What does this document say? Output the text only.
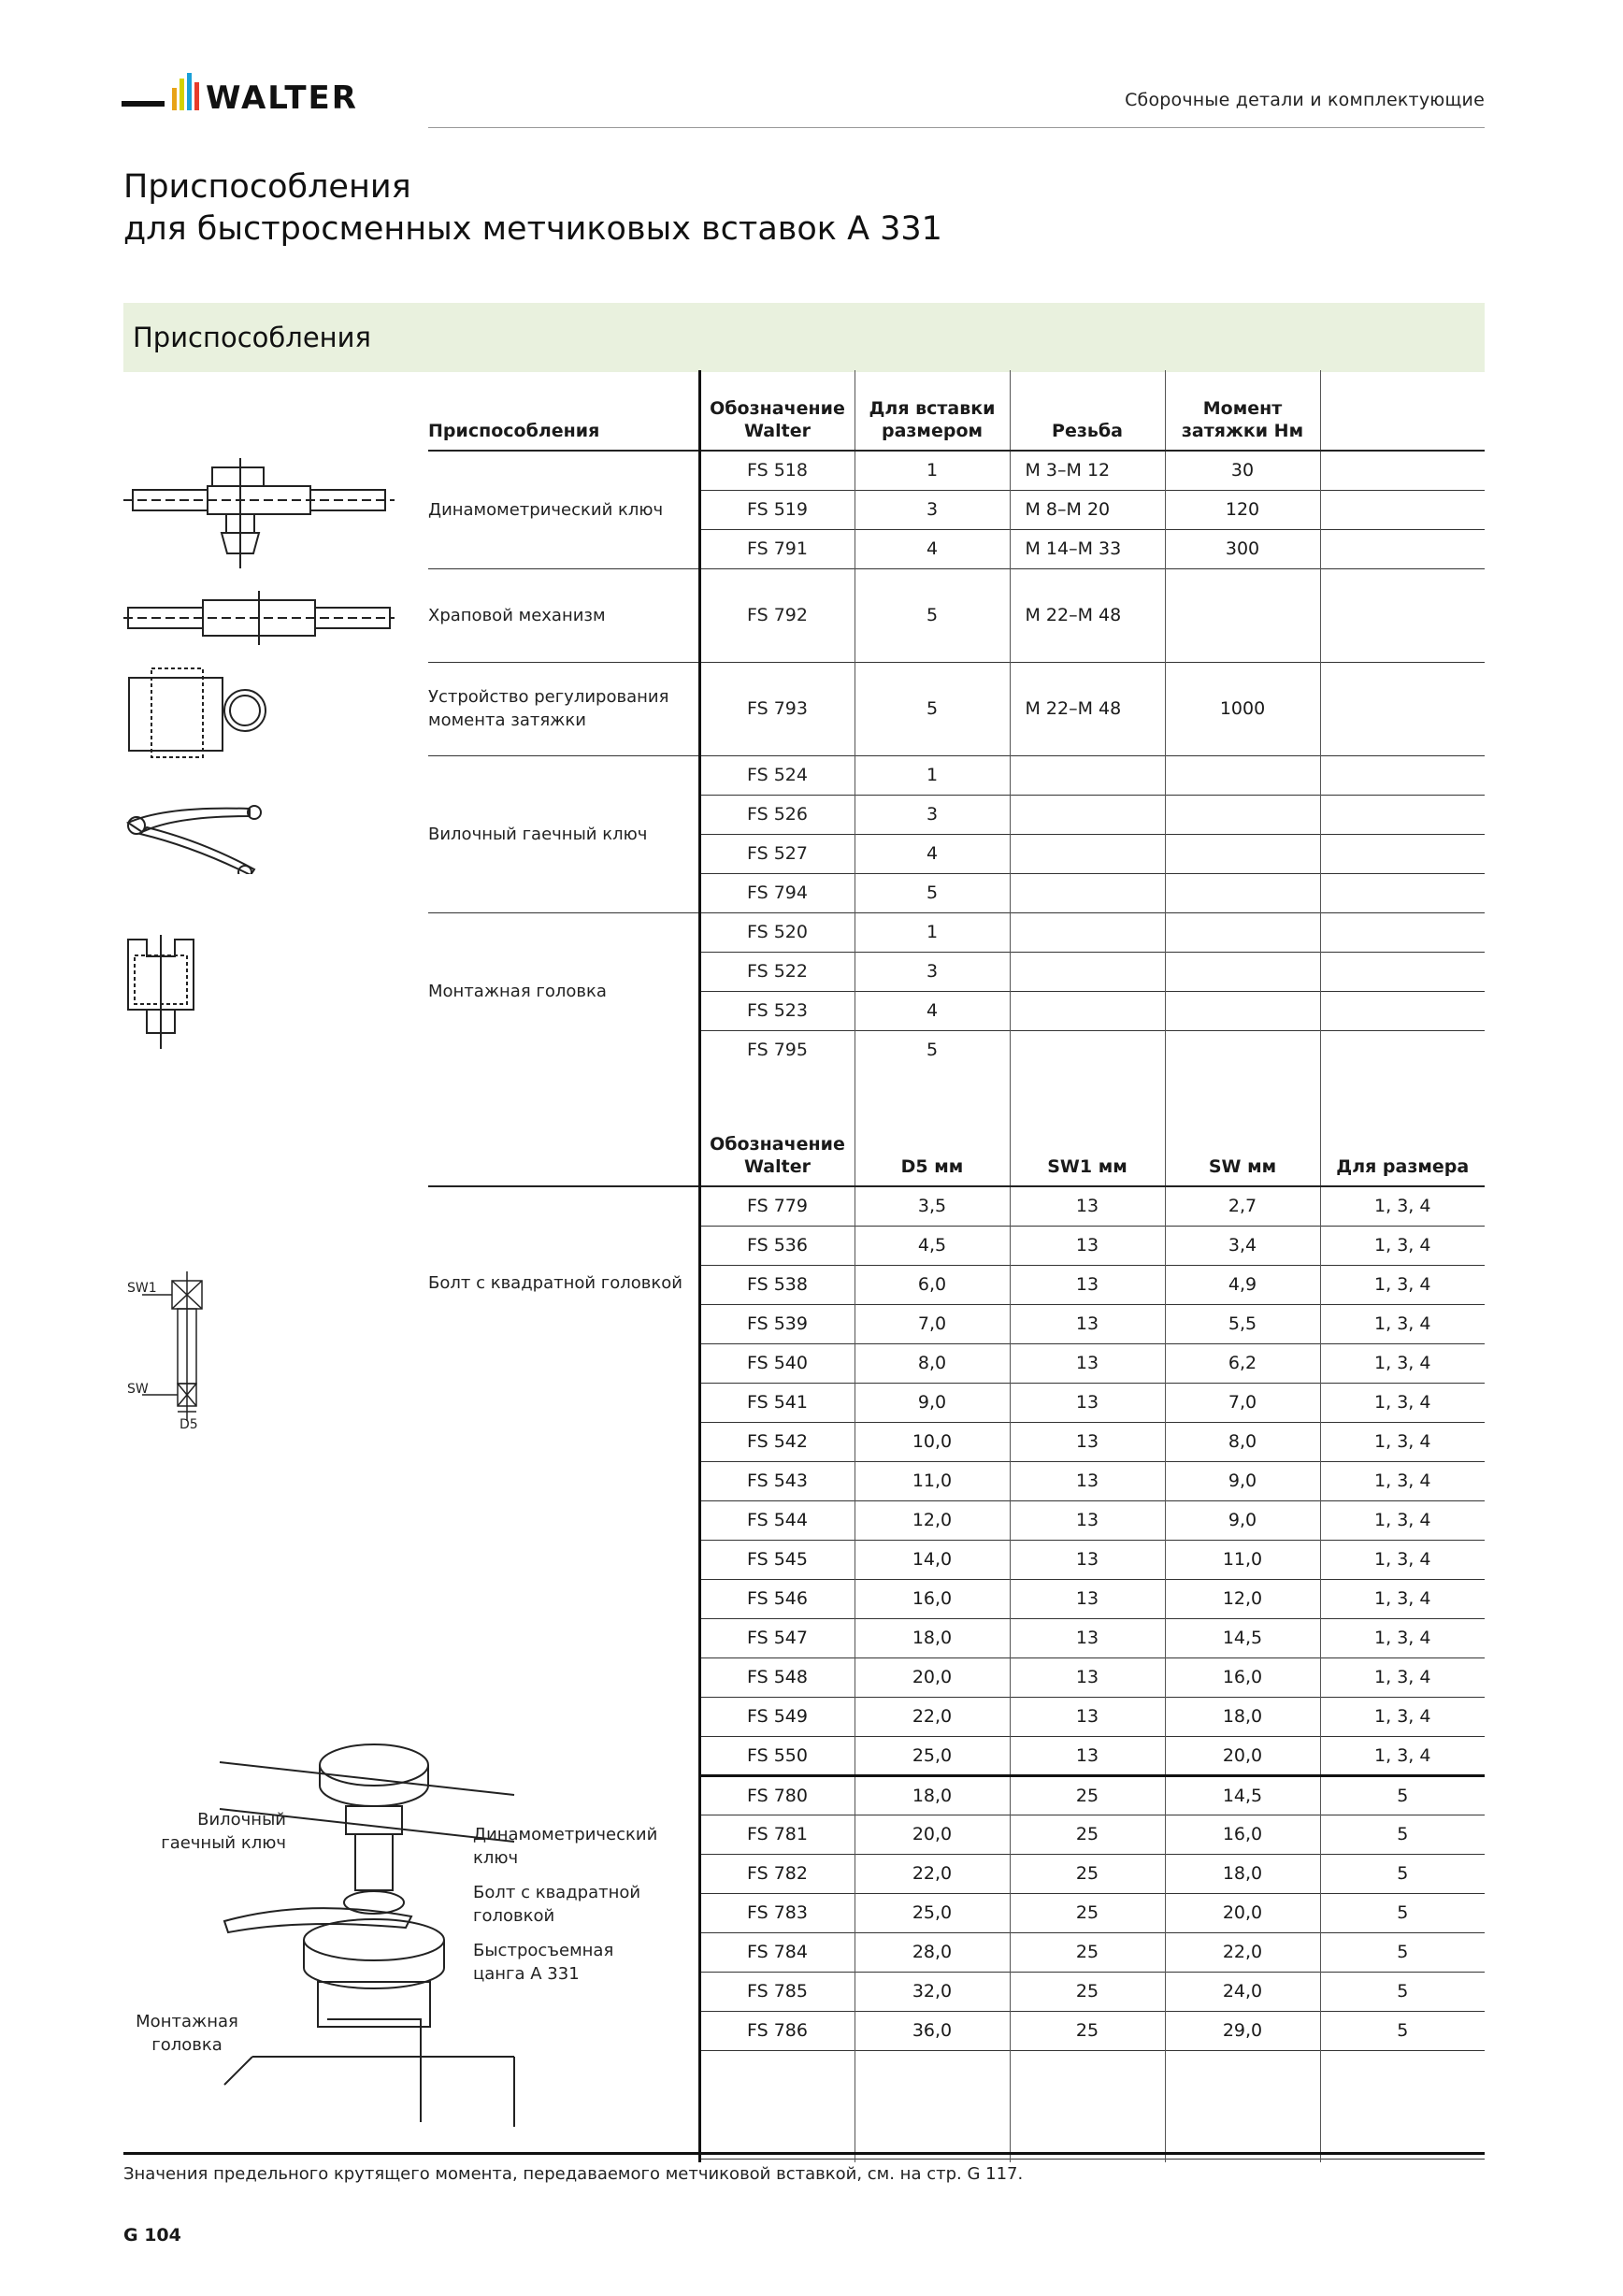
WALTER	Сборочные детали и комплектующие
Приспособления
для быстросменных метчиковых вставок А 331
Приспособления
Приспособления	Обозначение Walter	Для вставки размером	Резьба	Момент затяжки Нм	
Динамометрический ключ	FS 518	1	M 3–M 12	30	
	FS 519	3	M 8–M 20	120	
	FS 791	4	M 14–M 33	300	
Храповой механизм	FS 792	5	M 22–M 48		
Устройство регулирования момента затяжки	FS 793	5	M 22–M 48	1000	
Вилочный гаечный ключ	FS 524	1			
	FS 526	3			
	FS 527	4			
	FS 794	5			
Монтажная головка	FS 520	1			
	FS 522	3			
	FS 523	4			
	FS 795	5			
	Обозначение Walter	D5 мм	SW1 мм	SW мм	Для размера
Болт с квадратной головкой	FS 779	3,5	13	2,7	1, 3, 4
	FS 536	4,5	13	3,4	1, 3, 4
	FS 538	6,0	13	4,9	1, 3, 4
	FS 539	7,0	13	5,5	1, 3, 4
	FS 540	8,0	13	6,2	1, 3, 4
	FS 541	9,0	13	7,0	1, 3, 4
	FS 542	10,0	13	8,0	1, 3, 4
	FS 543	11,0	13	9,0	1, 3, 4
	FS 544	12,0	13	9,0	1, 3, 4
	FS 545	14,0	13	11,0	1, 3, 4
	FS 546	16,0	13	12,0	1, 3, 4
	FS 547	18,0	13	14,5	1, 3, 4
	FS 548	20,0	13	16,0	1, 3, 4
	FS 549	22,0	13	18,0	1, 3, 4
	FS 550	25,0	13	20,0	1, 3, 4
	FS 780	18,0	25	14,5	5
	FS 781	20,0	25	16,0	5
	FS 782	22,0	25	18,0	5
	FS 783	25,0	25	20,0	5
	FS 784	28,0	25	22,0	5
	FS 785	32,0	25	24,0	5
	FS 786	36,0	25	29,0	5

SW1
SW
D5
Вилочный гаечный ключ	Динамометрический ключ
Болт с квадратной головкой
Быстросъемная цанга А 331
Монтажная головка
Значения предельного крутящего момента, передаваемого метчиковой вставкой, см. на стр. G 117.
G 104
